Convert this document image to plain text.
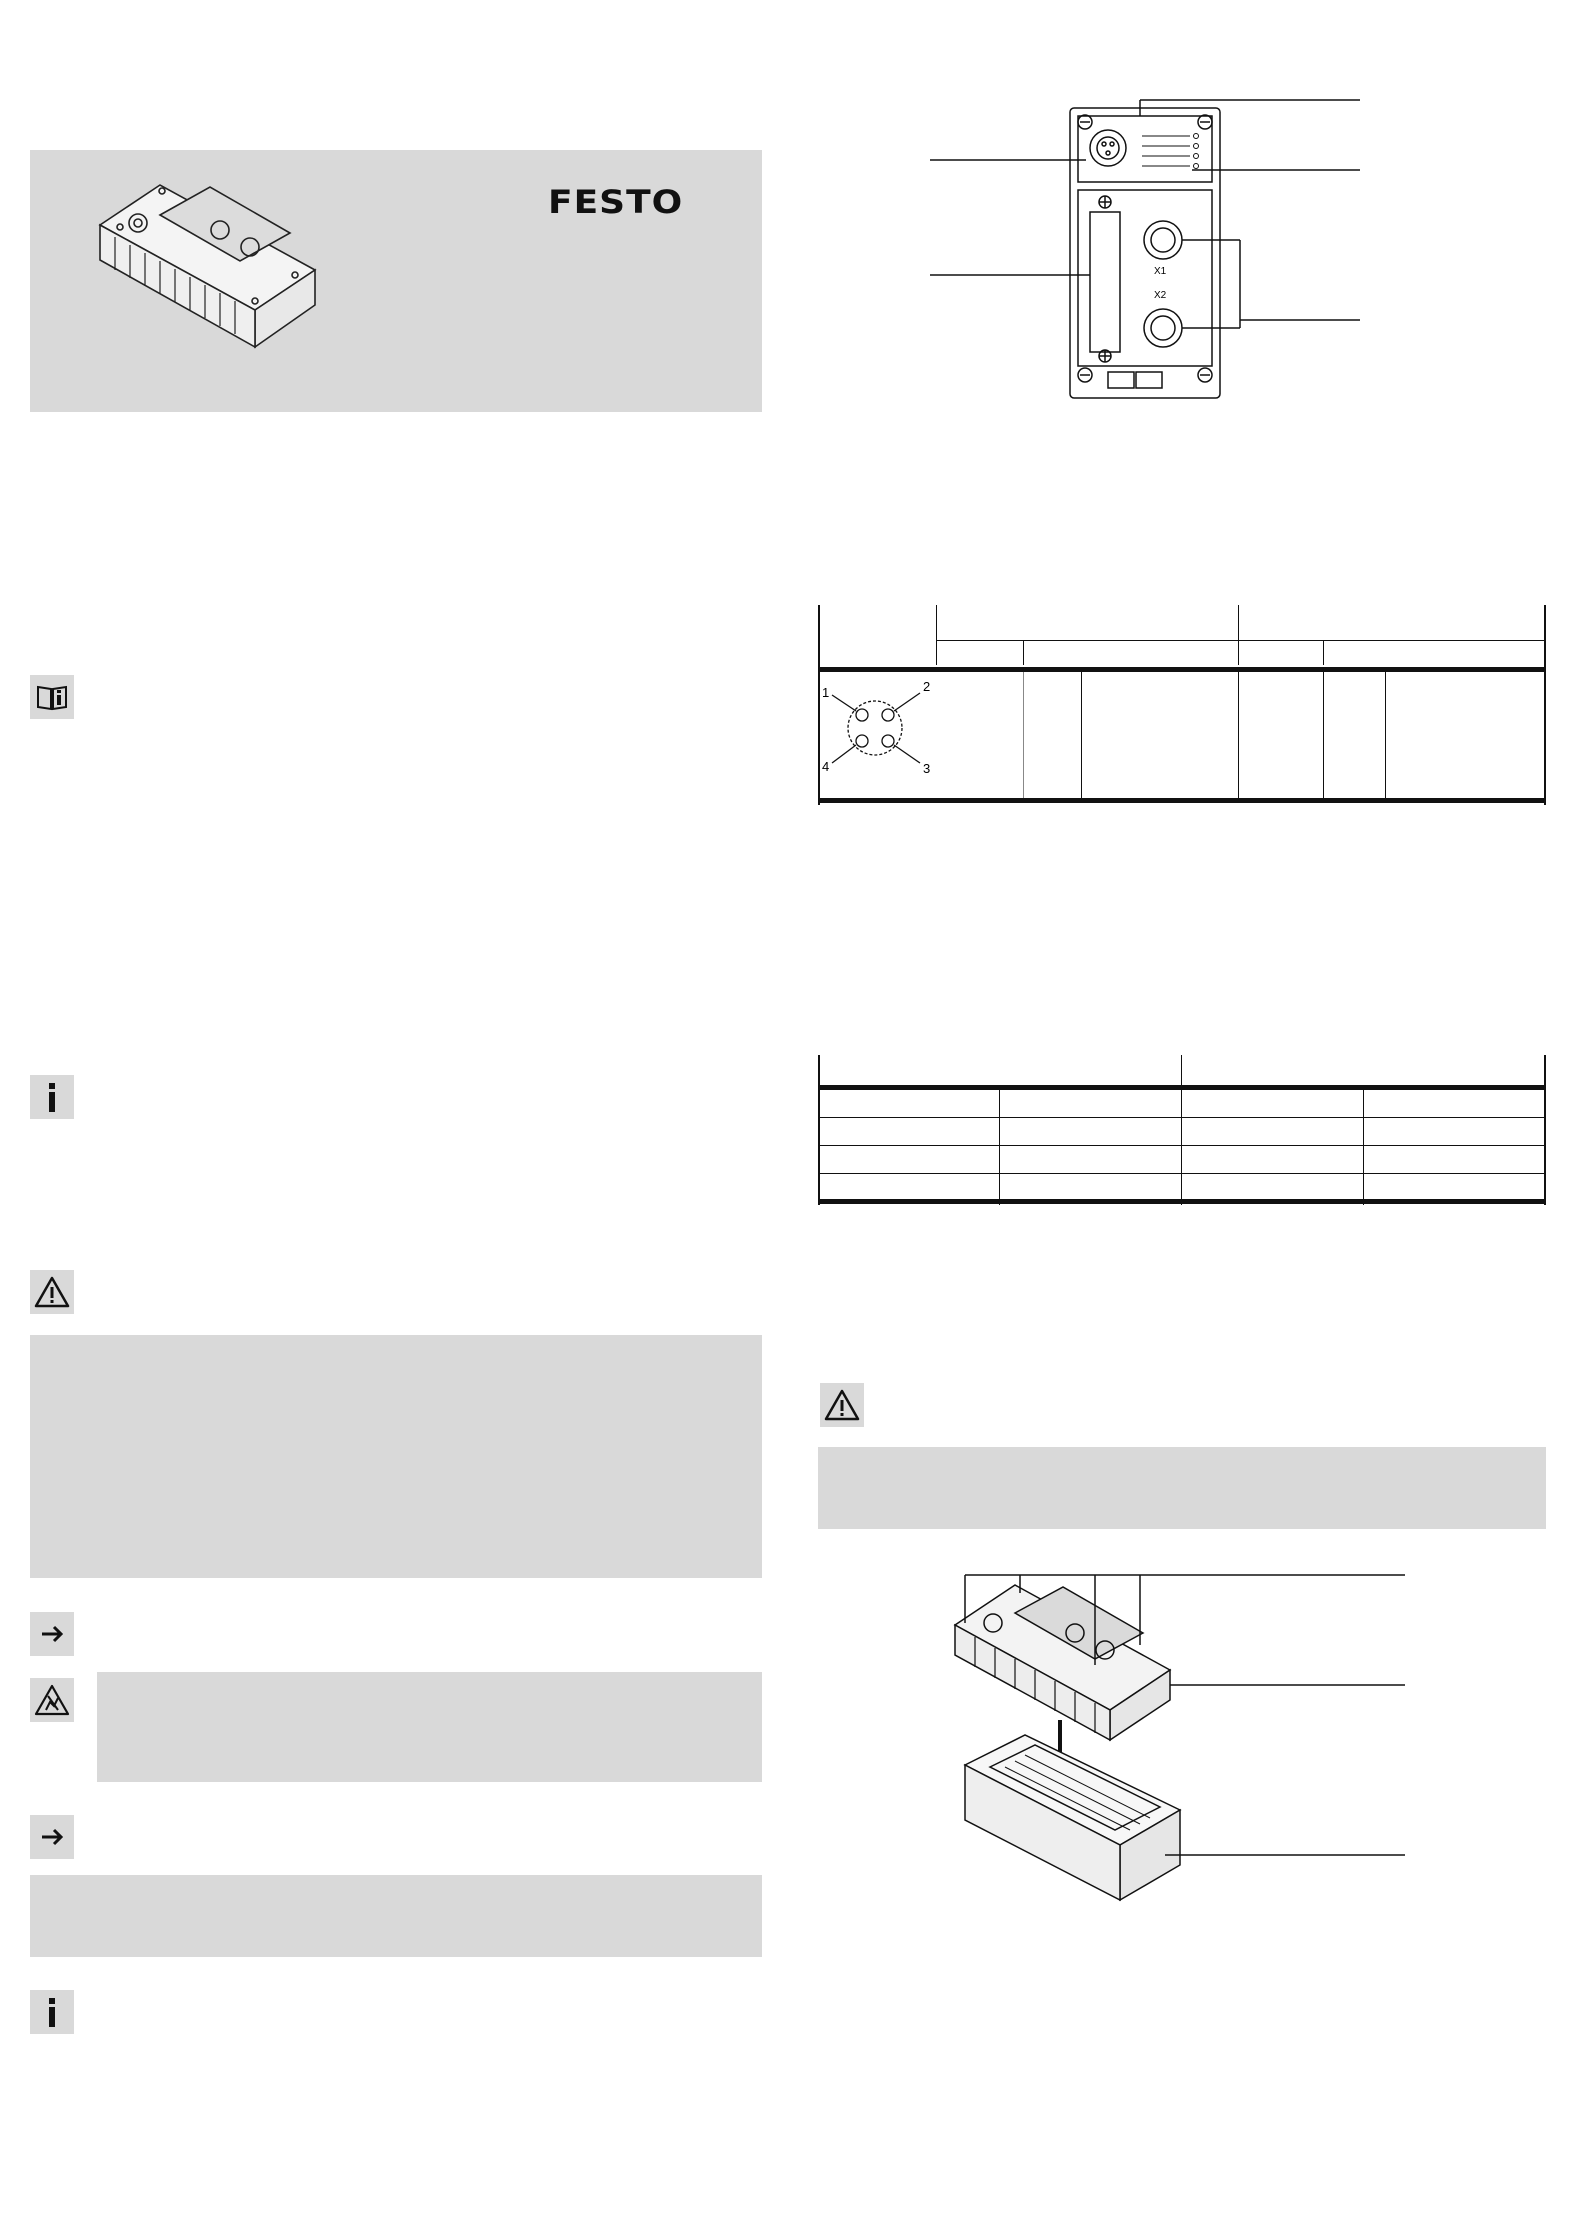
FESTO
X1
X2
1	2
3
4
